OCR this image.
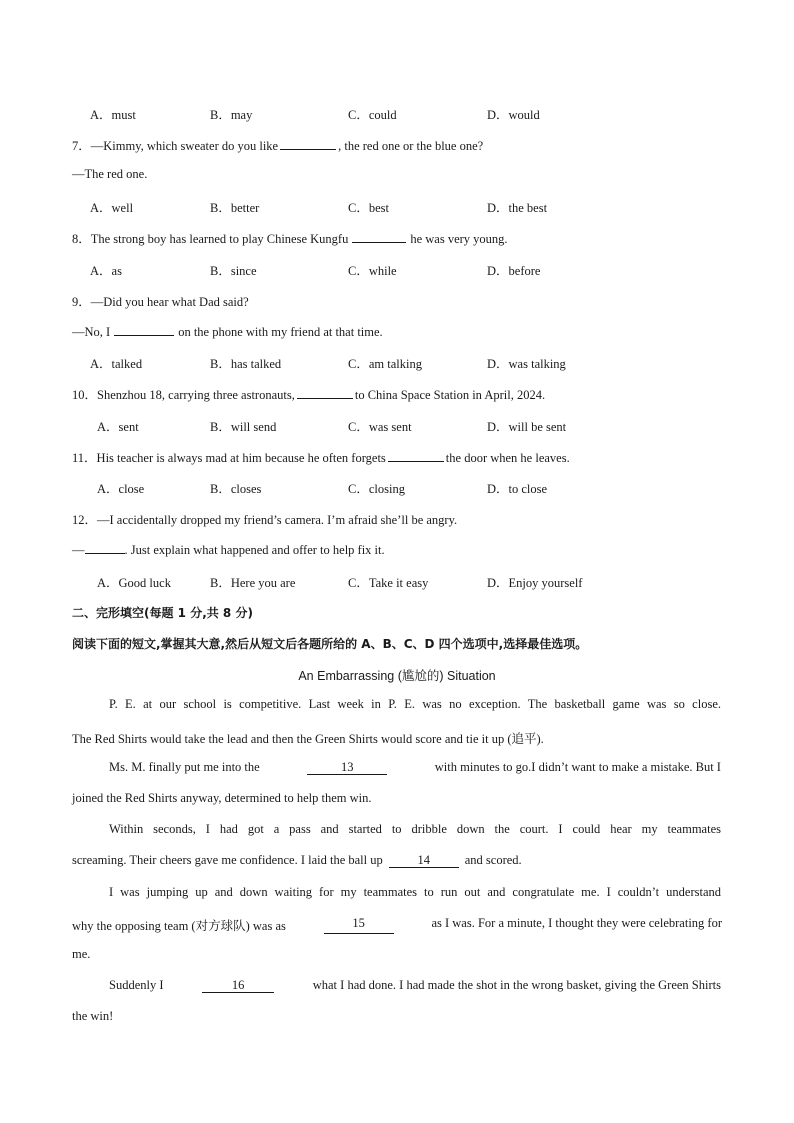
A．must	B．may	C．could	D．would
7．—Kimmy, which sweater do you like	, the red one or the blue one?
—The red one.
A．well	B．better	C．best	D．the best
8．The strong boy has learned to play Chinese Kungfu	he was very young.
A．as	B．since	C．while	D．before
9．—Did you hear what Dad said?
—No, I	on the phone with my friend at that time.
A．talked	B．has talked	C．am talking	D．was talking
10．Shenzhou 18, carrying three astronauts,	to China Space Station in April, 2024.
A．sent	B．will send	C．was sent	D．will be sent
11．His teacher is always mad at him because he often forgets	the door when he leaves.
A．close	B．closes	C．closing	D．to close
12．—I accidentally dropped my friend’s camera. I’m afraid she’ll be angry.
—	. Just explain what happened and offer to help fix it.
A．Good luck	B．Here you are	C．Take it easy	D．Enjoy yourself
二、完形填空(每题 1 分,共 8 分)
阅读下面的短文,掌握其大意,然后从短文后各题所给的 A、B、C、D 四个选项中,选择最佳选项。
An Embarrassing (尴尬的) Situation
P. E. at our school is competitive. Last week in P. E. was no exception. The basketball game was so close.
The Red Shirts would take the lead and then the Green Shirts would score and tie it up (追平).
Ms. M. finally put me into the	13	with minutes to go.I didn’t want to make a mistake. But I
joined the Red Shirts anyway, determined to help them win.
Within seconds, I had got a pass and started to dribble down the court. I could hear my teammates
screaming. Their cheers gave me confidence. I laid the ball up	14	and scored.
I was jumping up and down waiting for my teammates to run out and congratulate me. I couldn’t understand
why the opposing team (对方球队) was as	15	as I was. For a minute, I thought they were celebrating for
me.
Suddenly I	16	what I had done. I had made the shot in the wrong basket, giving the Green Shirts
the win!
